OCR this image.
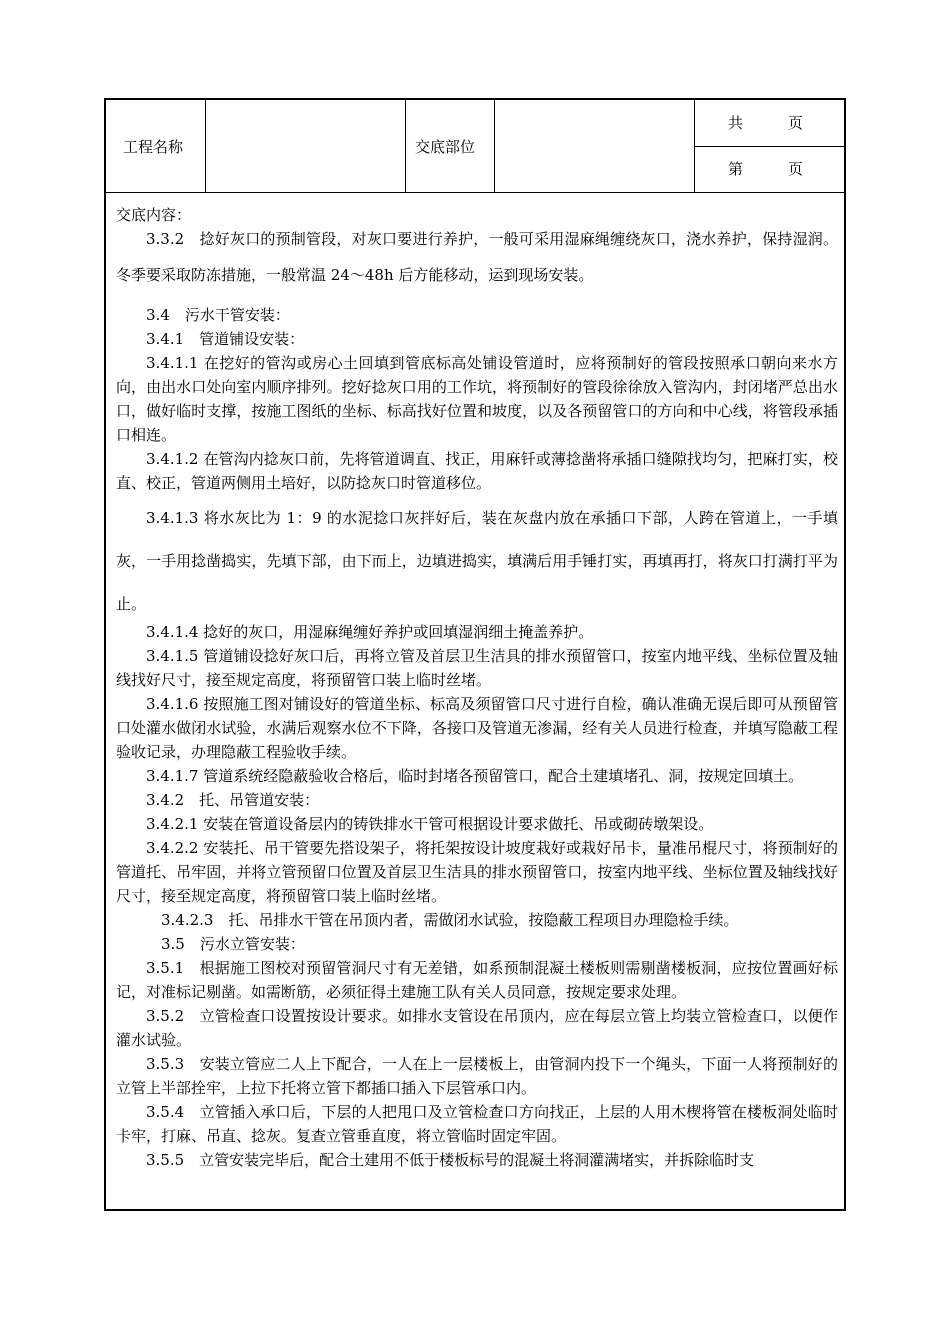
工程名称	交底部位
共　　　页
第　　　页

交底内容：

3.3.2　捻好灰口的预制管段，对灰口要进行养护，一般可采用湿麻绳缠绕灰口，浇水养护，保持湿润。冬季要采取防冻措施，一般常温 24～48h 后方能移动，运到现场安装。

3.4　污水干管安装：

3.4.1　管道铺设安装：

3.4.1.1 在挖好的管沟或房心土回填到管底标高处铺设管道时，应将预制好的管段按照承口朝向来水方向，由出水口处向室内顺序排列。挖好捻灰口用的工作坑，将预制好的管段徐徐放入管沟内，封闭堵严总出水口，做好临时支撑，按施工图纸的坐标、标高找好位置和坡度，以及各预留管口的方向和中心线，将管段承插口相连。

3.4.1.2 在管沟内捻灰口前，先将管道调直、找正，用麻钎或薄捻凿将承插口缝隙找均匀，把麻打实，校直、校正，管道两侧用土培好，以防捻灰口时管道移位。

3.4.1.3 将水灰比为 1：9 的水泥捻口灰拌好后，装在灰盘内放在承插口下部，人跨在管道上，一手填灰，一手用捻凿捣实，先填下部，由下而上，边填进捣实，填满后用手锤打实，再填再打，将灰口打满打平为止。

3.4.1.4 捻好的灰口，用湿麻绳缠好养护或回填湿润细土掩盖养护。

3.4.1.5 管道铺设捻好灰口后，再将立管及首层卫生洁具的排水预留管口，按室内地平线、坐标位置及轴线找好尺寸，接至规定高度，将预留管口装上临时丝堵。

3.4.1.6 按照施工图对铺设好的管道坐标、标高及须留管口尺寸进行自检，确认准确无误后即可从预留管口处灌水做闭水试验，水满后观察水位不下降，各接口及管道无渗漏，经有关人员进行检查，并填写隐蔽工程验收记录，办理隐蔽工程验收手续。

3.4.1.7 管道系统经隐蔽验收合格后，临时封堵各预留管口，配合土建填堵孔、洞，按规定回填土。

3.4.2　托、吊管道安装：

3.4.2.1 安装在管道设备层内的铸铁排水干管可根据设计要求做托、吊或砌砖墩架设。

3.4.2.2 安装托、吊干管要先搭设架子，将托架按设计坡度栽好或栽好吊卡，量准吊棍尺寸，将预制好的管道托、吊牢固，并将立管预留口位置及首层卫生洁具的排水预留管口，按室内地平线、坐标位置及轴线找好尺寸，接至规定高度，将预留管口装上临时丝堵。

3.4.2.3　托、吊排水干管在吊顶内者，需做闭水试验，按隐蔽工程项目办理隐检手续。

3.5　污水立管安装：

3.5.1　根据施工图校对预留管洞尺寸有无差错，如系预制混凝土楼板则需剔凿楼板洞，应按位置画好标记，对准标记剔凿。如需断筋，必须征得土建施工队有关人员同意，按规定要求处理。

3.5.2　立管检查口设置按设计要求。如排水支管设在吊顶内，应在每层立管上均装立管检查口，以便作灌水试验。

3.5.3　安装立管应二人上下配合，一人在上一层楼板上，由管洞内投下一个绳头，下面一人将预制好的立管上半部拴牢，上拉下托将立管下都插口插入下层管承口内。

3.5.4　立管插入承口后，下层的人把甩口及立管检查口方向找正，上层的人用木楔将管在楼板洞处临时卡牢，打麻、吊直、捻灰。复查立管垂直度，将立管临时固定牢固。

3.5.5　立管安装完毕后，配合土建用不低于楼板标号的混凝土将洞灌满堵实，并拆除临时支
